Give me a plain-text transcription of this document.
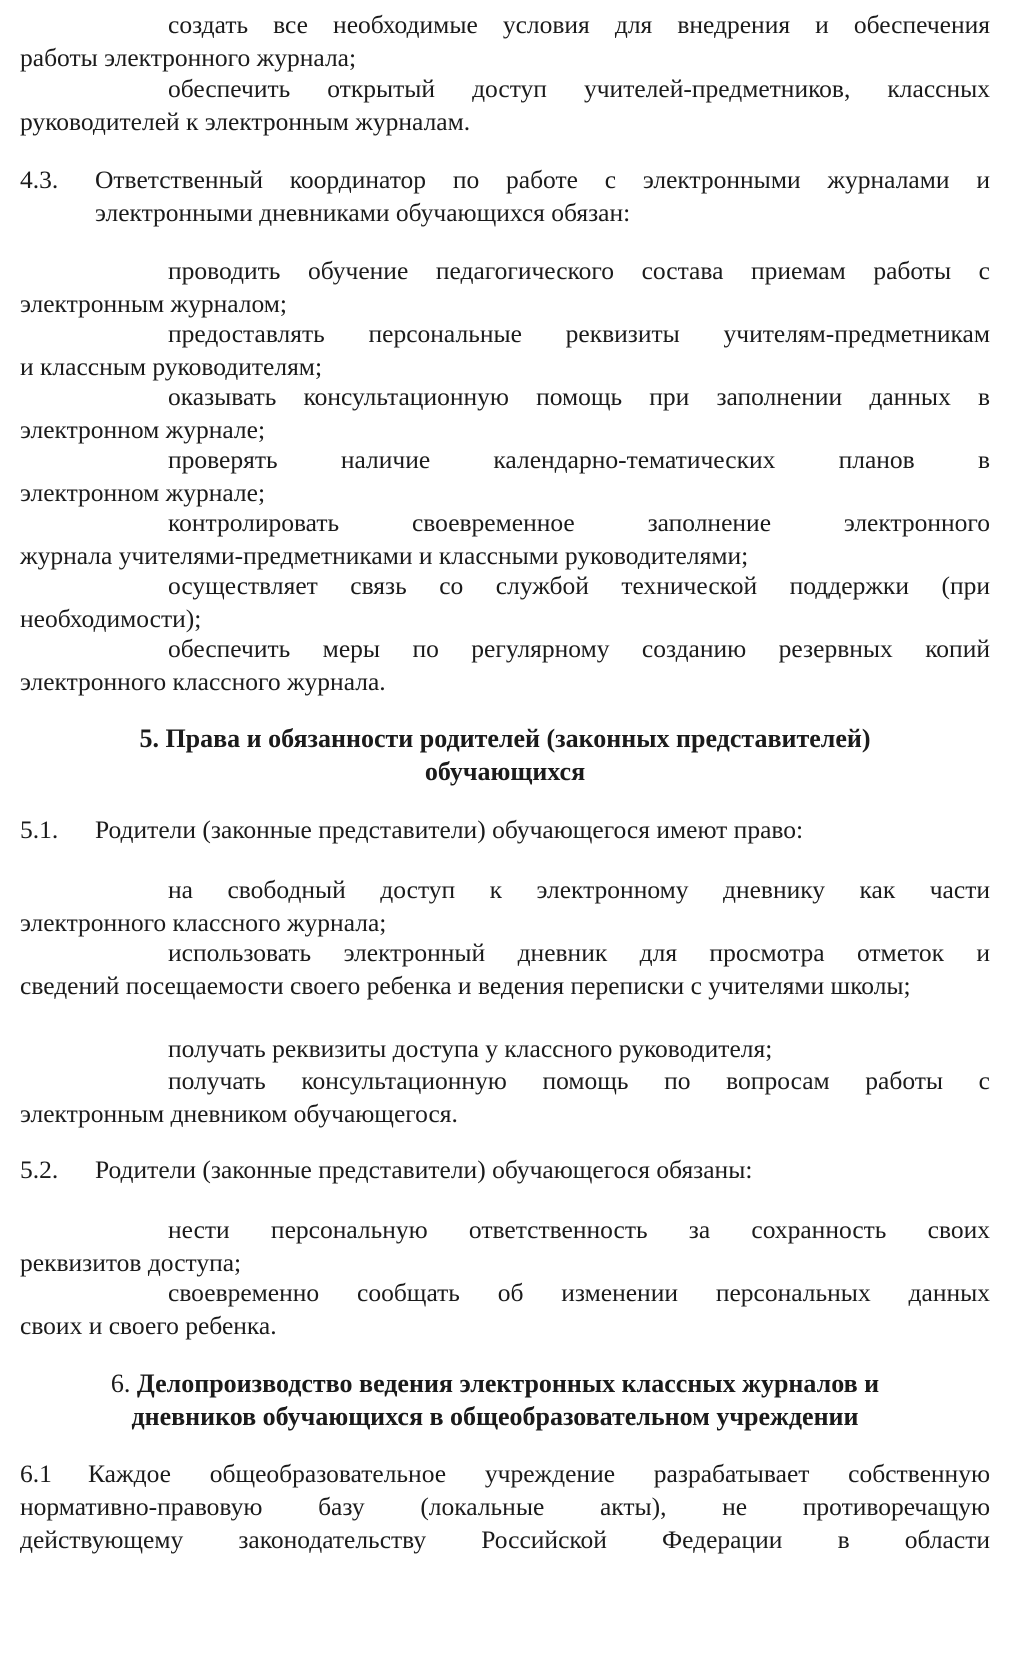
создать все необходимые условия для внедрения и обеспечения
работы электронного журнала;
обеспечить открытый доступ учителей-предметников, классных
руководителей к электронным журналам.
4.3. Ответственный координатор по работе с электронными журналами и
электронными дневниками обучающихся обязан:
проводить обучение педагогического состава приемам работы с
электронным журналом;
предоставлять персональные реквизиты учителям-предметникам
и классным руководителям;
оказывать консультационную помощь при заполнении данных в
электронном журнале;
проверять наличие календарно-тематических планов в
электронном журнале;
контролировать своевременное заполнение электронного
журнала учителями-предметниками и классными руководителями;
осуществляет связь со службой технической поддержки (при
необходимости);
обеспечить меры по регулярному созданию резервных копий
электронного классного журнала.
5. Права и обязанности родителей (законных представителей)
обучающихся
5.1. Родители (законные представители) обучающегося имеют право:
на свободный доступ к электронному дневнику как части
электронного классного журнала;
использовать электронный дневник для просмотра отметок и
сведений посещаемости своего ребенка и ведения переписки с учителями школы;
получать реквизиты доступа у классного руководителя;
получать консультационную помощь по вопросам работы с
электронным дневником обучающегося.
5.2. Родители (законные представители) обучающегося обязаны:
нести персональную ответственность за сохранность своих
реквизитов доступа;
своевременно сообщать об изменении персональных данных
своих и своего ребенка.
6. Делопроизводство ведения электронных классных журналов и
дневников обучающихся в общеобразовательном учреждении
6.1 Каждое общеобразовательное учреждение разрабатывает собственную
нормативно-правовую базу (локальные акты), не противоречащую
действующему законодательству Российской Федерации в области
